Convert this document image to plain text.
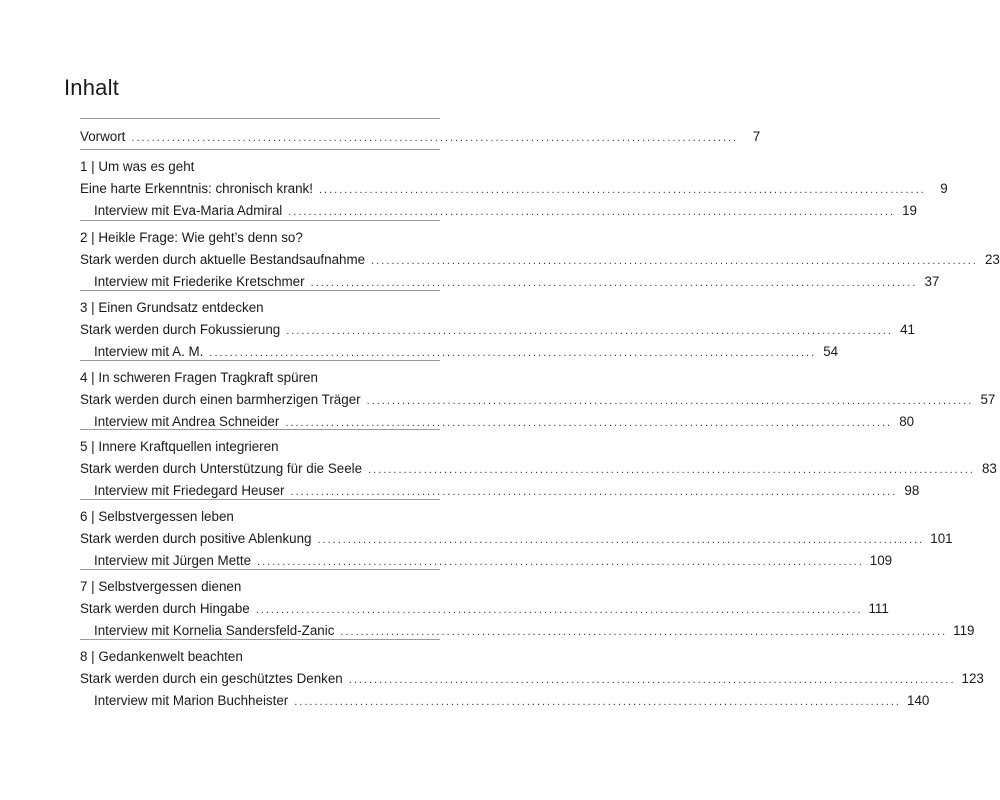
Inhalt
Vorwort ........................................................................................................................	7
1 | Um was es geht
Eine harte Erkenntnis: chronisch krank! ........................................................................................................................	9
Interview mit Eva-Maria Admiral ........................................................................................................................ 19
2 | Heikle Frage: Wie geht’s denn so?
Stark werden durch aktuelle Bestandsaufnahme ........................................................................................................................ 23
Interview mit Friederike Kretschmer ........................................................................................................................ 37
3 | Einen Grundsatz entdecken
Stark werden durch Fokussierung ........................................................................................................................ 41
Interview mit A. M. ........................................................................................................................ 54
4 | In schweren Fragen Tragkraft spüren
Stark werden durch einen barmherzigen Träger ........................................................................................................................ 57
Interview mit Andrea Schneider ........................................................................................................................ 80
5 | Innere Kraftquellen integrieren
Stark werden durch Unterstützung für die Seele ........................................................................................................................ 83
Interview mit Friedegard Heuser ........................................................................................................................ 98
6 | Selbstvergessen leben
Stark werden durch positive Ablenkung ........................................................................................................................ 101
Interview mit Jürgen Mette ........................................................................................................................ 109
7 | Selbstvergessen dienen
Stark werden durch Hingabe ........................................................................................................................ 111
Interview mit Kornelia Sandersfeld-Zanic ........................................................................................................................ 119
8 | Gedankenwelt beachten
Stark werden durch ein geschütztes Denken ........................................................................................................................ 123
Interview mit Marion Buchheister ........................................................................................................................ 140
